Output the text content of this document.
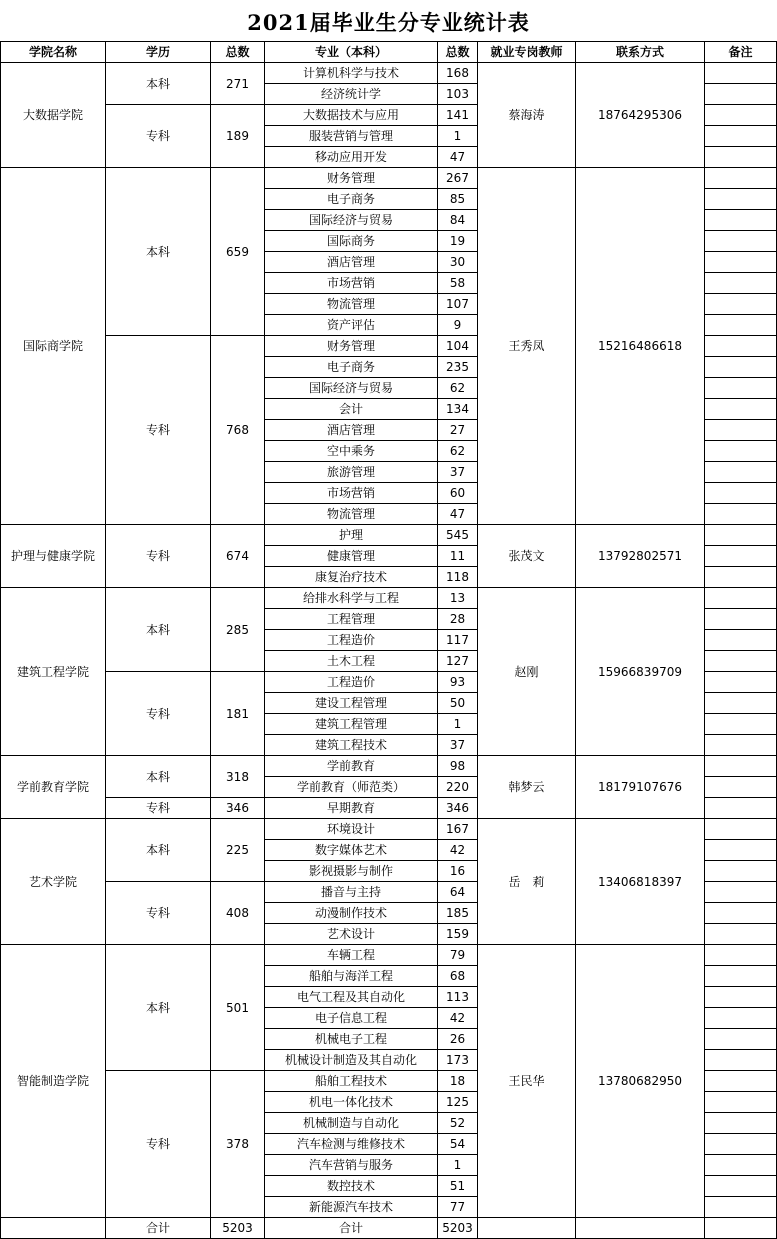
2021届毕业生分专业统计表
学院名称	学历	总数	专业（本科）	总数	就业专岗教师	联系方式	备注
大数据学院	本科	271	计算机科学与技术	168	蔡海涛	18764295306	
			经济统计学	103			
	专科	189	大数据技术与应用	141			
			服装营销与管理	1			
			移动应用开发	47			
国际商学院	本科	659	财务管理	267	王秀凤	15216486618	
			电子商务	85			
			国际经济与贸易	84			
			国际商务	19			
			酒店管理	30			
			市场营销	58			
			物流管理	107			
			资产评估	9			
	专科	768	财务管理	104			
			电子商务	235			
			国际经济与贸易	62			
			会计	134			
			酒店管理	27			
			空中乘务	62			
			旅游管理	37			
			市场营销	60			
			物流管理	47			
护理与健康学院	专科	674	护理	545	张茂文	13792802571	
			健康管理	11			
			康复治疗技术	118			
建筑工程学院	本科	285	给排水科学与工程	13	赵刚	15966839709	
			工程管理	28			
			工程造价	117			
			土木工程	127			
	专科	181	工程造价	93			
			建设工程管理	50			
			建筑工程管理	1			
			建筑工程技术	37			
学前教育学院	本科	318	学前教育	98	韩梦云	18179107676	
			学前教育（师范类）	220			
	专科	346	早期教育	346			
艺术学院	本科	225	环境设计	167	岳　莉	13406818397	
			数字媒体艺术	42			
			影视摄影与制作	16			
	专科	408	播音与主持	64			
			动漫制作技术	185			
			艺术设计	159			
智能制造学院	本科	501	车辆工程	79	王民华	13780682950	
			船舶与海洋工程	68			
			电气工程及其自动化	113			
			电子信息工程	42			
			机械电子工程	26			
			机械设计制造及其自动化	173			
	专科	378	船舶工程技术	18			
			机电一体化技术	125			
			机械制造与自动化	52			
			汽车检测与维修技术	54			
			汽车营销与服务	1			
			数控技术	51			
			新能源汽车技术	77			
	合计	5203	合计	5203			
